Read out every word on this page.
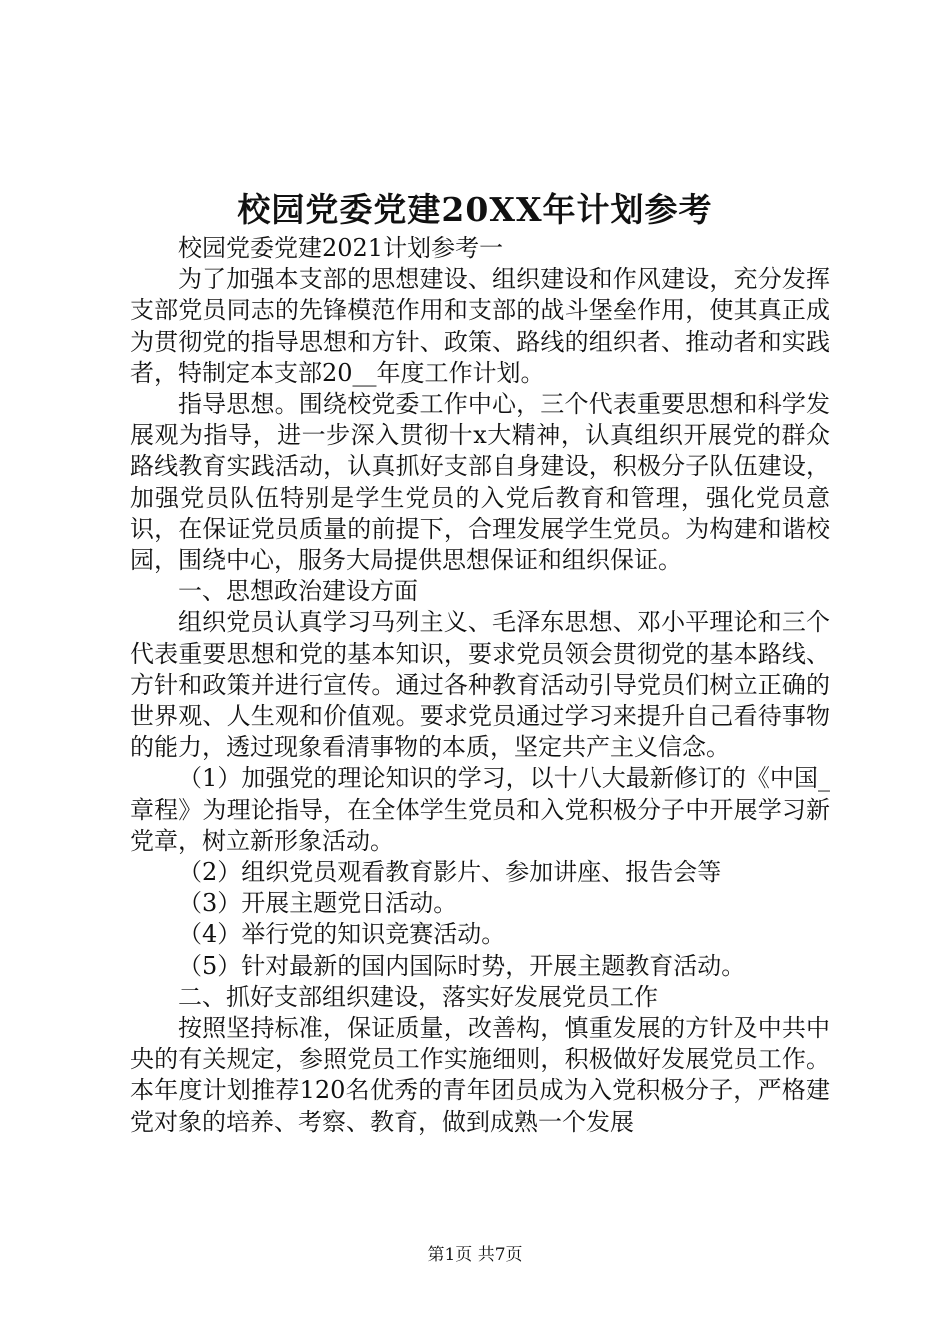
校园党委党建20XX年计划参考

校园党委党建2021计划参考一

为了加强本支部的思想建设、组织建设和作风建设，充分发挥支部党员同志的先锋模范作用和支部的战斗堡垒作用，使其真正成为贯彻党的指导思想和方针、政策、路线的组织者、推动者和实践者，特制定本支部20__年度工作计划。

指导思想。围绕校党委工作中心，三个代表重要思想和科学发展观为指导，进一步深入贯彻十x大精神，认真组织开展党的群众路线教育实践活动，认真抓好支部自身建设，积极分子队伍建设，加强党员队伍特别是学生党员的入党后教育和管理，强化党员意识，在保证党员质量的前提下，合理发展学生党员。为构建和谐校园，围绕中心，服务大局提供思想保证和组织保证。

一、思想政治建设方面

组织党员认真学习马列主义、毛泽东思想、邓小平理论和三个代表重要思想和党的基本知识，要求党员领会贯彻党的基本路线、方针和政策并进行宣传。通过各种教育活动引导党员们树立正确的世界观、人生观和价值观。要求党员通过学习来提升自己看待事物的能力，透过现象看清事物的本质，坚定共产主义信念。

（1）加强党的理论知识的学习，以十八大最新修订的《中国_章程》为理论指导，在全体学生党员和入党积极分子中开展学习新党章，树立新形象活动。

（2）组织党员观看教育影片、参加讲座、报告会等

（3）开展主题党日活动。

（4）举行党的知识竞赛活动。

（5）针对最新的国内国际时势，开展主题教育活动。

二、抓好支部组织建设，落实好发展党员工作

按照坚持标准，保证质量，改善构，慎重发展的方针及中共中央的有关规定，参照党员工作实施细则，积极做好发展党员工作。本年度计划推荐120名优秀的青年团员成为入党积极分子，严格建党对象的培养、考察、教育，做到成熟一个发展

第1页 共7页
